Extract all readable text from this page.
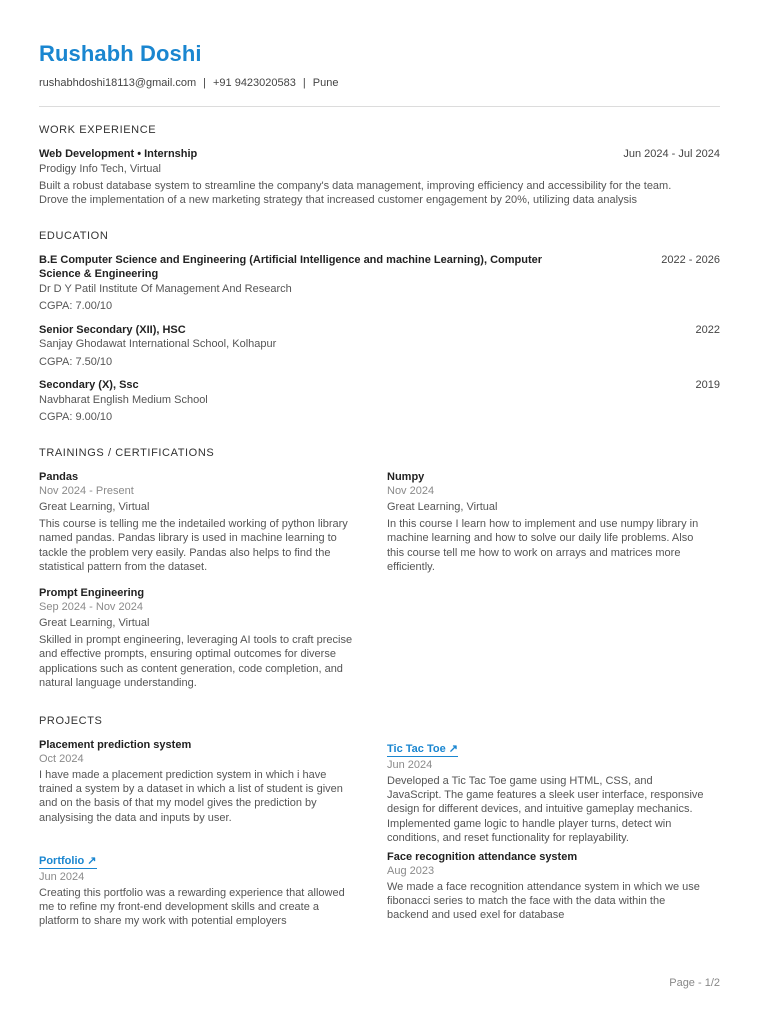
Rushabh Doshi
rushabhdoshi18113@gmail.com | +91 9423020583 | Pune
WORK EXPERIENCE
Web Development • Internship	Jun 2024 - Jul 2024
Prodigy Info Tech, Virtual
Built a robust database system to streamline the company's data management, improving efficiency and accessibility for the team.
Drove the implementation of a new marketing strategy that increased customer engagement by 20%, utilizing data analysis
EDUCATION
B.E Computer Science and Engineering (Artificial Intelligence and machine Learning), Computer	2022 - 2026
Science & Engineering
Dr D Y Patil Institute Of Management And Research
CGPA: 7.00/10
Senior Secondary (XII), HSC	2022
Sanjay Ghodawat International School, Kolhapur
CGPA: 7.50/10
Secondary (X), Ssc	2019
Navbharat English Medium School
CGPA: 9.00/10
TRAININGS / CERTIFICATIONS
Pandas
Nov 2024 - Present
Great Learning, Virtual
This course is telling me the indetailed working of python library
named pandas. Pandas library is used in machine learning to
tackle the problem very easily. Pandas also helps to find the
statistical pattern from the dataset.
Numpy
Nov 2024
Great Learning, Virtual
In this course I learn how to implement and use numpy library in
machine learning and how to solve our daily life problems. Also
this course tell me how to work on arrays and matrices more
efficiently.
Prompt Engineering
Sep 2024 - Nov 2024
Great Learning, Virtual
Skilled in prompt engineering, leveraging AI tools to craft precise
and effective prompts, ensuring optimal outcomes for diverse
applications such as content generation, code completion, and
natural language understanding.
PROJECTS
Placement prediction system
Oct 2024
I have made a placement prediction system in which i have
trained a system by a dataset in which a list of student is given
and on the basis of that my model gives the prediction by
analysising the data and inputs by user.
Tic Tac Toe ↗
Jun 2024
Developed a Tic Tac Toe game using HTML, CSS, and
JavaScript. The game features a sleek user interface, responsive
design for different devices, and intuitive gameplay mechanics.
Implemented game logic to handle player turns, detect win
conditions, and reset functionality for replayability.
Portfolio ↗
Jun 2024
Creating this portfolio was a rewarding experience that allowed
me to refine my front-end development skills and create a
platform to share my work with potential employers
Face recognition attendance system
Aug 2023
We made a face recognition attendance system in which we use
fibonacci series to match the face with the data within the
backend and used exel for database
Page - 1/2
